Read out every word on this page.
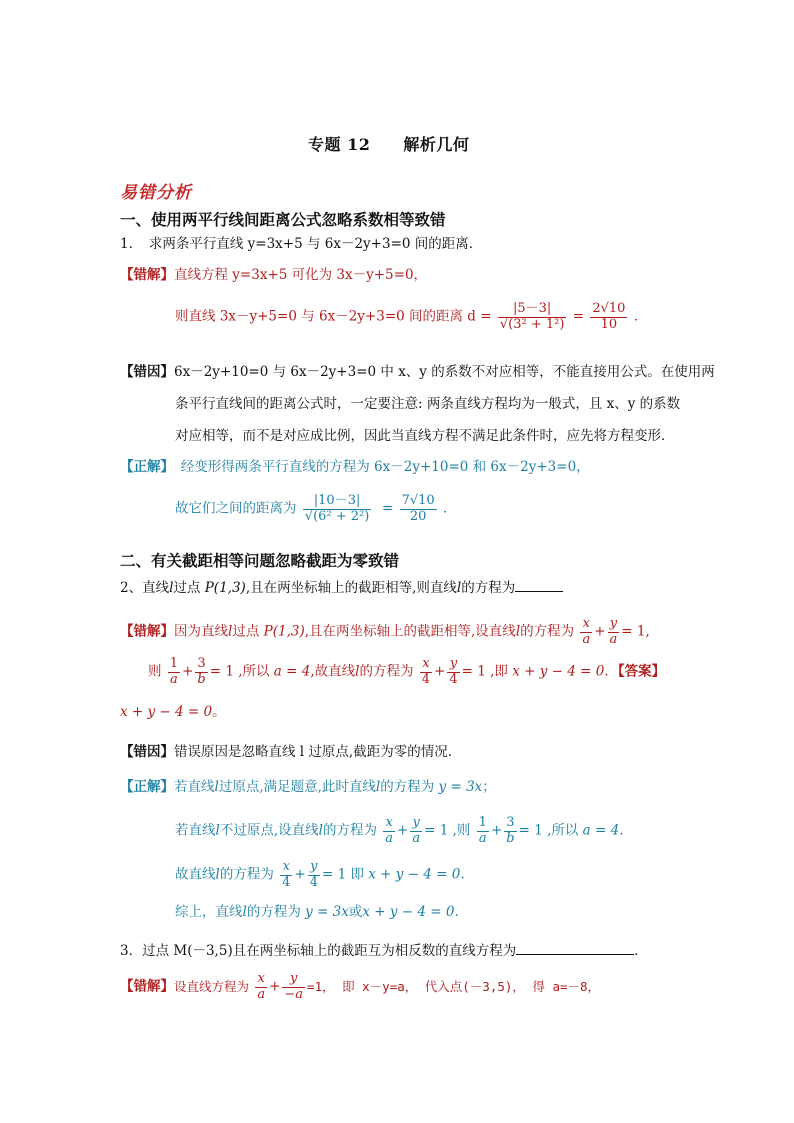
专题 12　　解析几何
易错分析
一、使用两平行线间距离公式忽略系数相等致错
1．　求两条平行直线 y=3x+5 与 6x－2y+3=0 间的距离．
【错解】直线方程 y=3x+5 可化为 3x－y+5=0，
则直线 3x－y+5=0 与 6x－2y+3=0 间的距离 $d = \frac{|5-3|}{\text{√(3² + 1²)}} = \frac{2√10}{10}$ ．
【错因】6x－2y+10=0 与 6x－2y+3=0 中 x、y 的系数不对应相等，不能直接用公式。在使用两
条平行直线间的距离公式时，一定要注意: 两条直线方程均为一般式，且 x、y 的系数
对应相等，而不是对应成比例，因此当直线方程不满足此条件时，应先将方程变形．
【正解】　经变形得两条平行直线的方程为 6x－2y+10=0 和 6x－2y+3=0，
故它们之间的距离为 $\frac{|10-3|}{\text{√(6² + 2²)}} = \frac{7√10}{20}$ ．
二、有关截距相等问题忽略截距为零致错
2、直线l过点 P(1,3),且在两坐标轴上的截距相等,则直线l的方程为
【错解】因为直线l过点 P(1,3),且在两坐标轴上的截距相等,设直线l的方程为 $\frac{x}{a} + \frac{y}{a} = 1$,
则 $\frac{1}{a} + \frac{3}{b} = 1$ ,所以 a = 4,故直线l的方程为 $\frac{x}{4} + \frac{y}{4} = 1$ ,即 x + y − 4 = 0．【答案】
x + y − 4 = 0。
【错因】错误原因是忽略直线 l 过原点,截距为零的情况.
【正解】若直线l过原点,满足题意,此时直线l的方程为 y = 3x；
若直线l不过原点,设直线l的方程为 $\frac{x}{a} + \frac{y}{a} = 1$ ,则 $\frac{1}{a} + \frac{3}{b} = 1$ ,所以 a = 4.
故直线l的方程为 $\frac{x}{4} + \frac{y}{4} = 1$ 即 x + y − 4 = 0.
综上，直线l的方程为 y = 3x或x + y − 4 = 0.
3．过点 M(－3,5)且在两坐标轴上的截距互为相反数的直线方程为	．
【错解】设直线方程为 $\frac{x}{a} + \frac{y}{-a} =1$， 即 x－y=a， 代入点(－3,5)， 得 a=－8，
